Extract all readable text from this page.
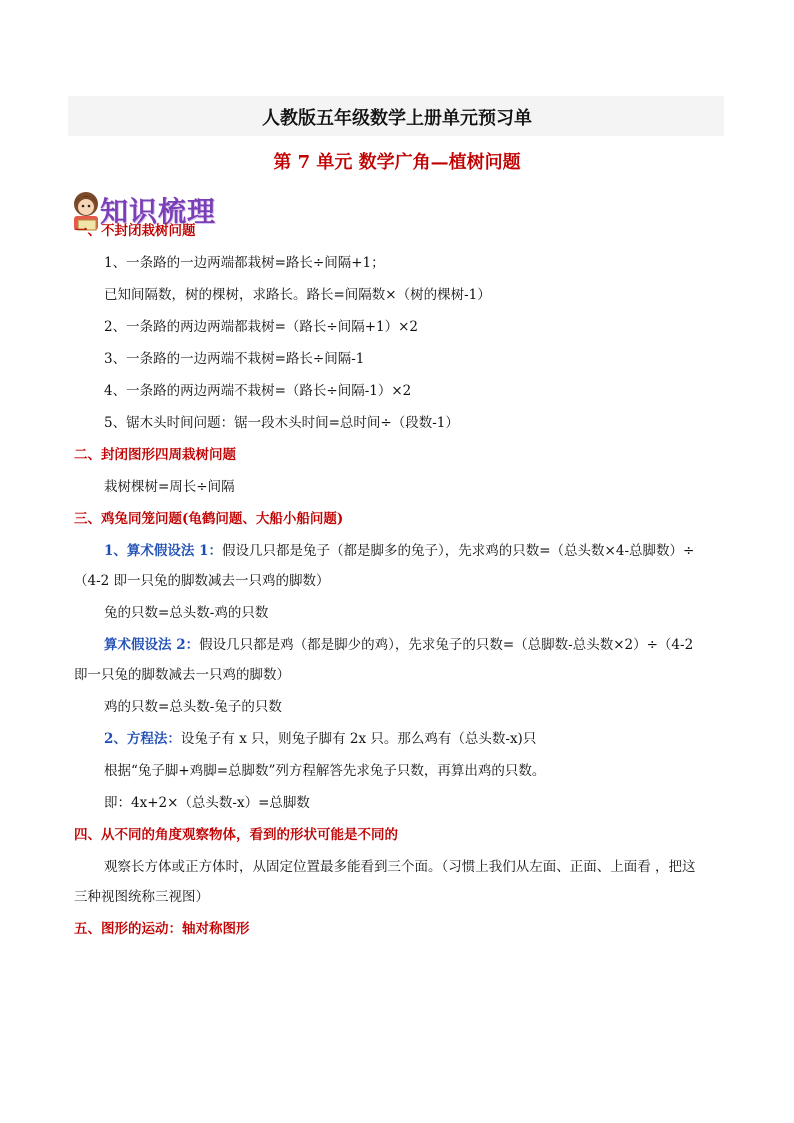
人教版五年级数学上册单元预习单
第 7 单元 数学广角—植树问题
知识梳理
一、不封闭栽树问题
1、一条路的一边两端都栽树=路长÷间隔+1；
已知间隔数，树的棵树，求路长。路长=间隔数×（树的棵树-1）
2、一条路的两边两端都栽树=（路长÷间隔+1）×2
3、一条路的一边两端不栽树=路长÷间隔-1
4、一条路的两边两端不栽树=（路长÷间隔-1）×2
5、锯木头时间问题：锯一段木头时间=总时间÷（段数-1）
二、封闭图形四周栽树问题
栽树棵树=周长÷间隔
三、鸡兔同笼问题(龟鹤问题、大船小船问题)
1、算术假设法 1：假设几只都是兔子（都是脚多的兔子），先求鸡的只数=（总头数×4-总脚数）÷
（4-2 即一只兔的脚数减去一只鸡的脚数）
兔的只数=总头数-鸡的只数
算术假设法 2：假设几只都是鸡（都是脚少的鸡），先求兔子的只数=（总脚数-总头数×2）÷（4-2
即一只兔的脚数减去一只鸡的脚数）
鸡的只数=总头数-兔子的只数
2、方程法：设兔子有 x 只，则兔子脚有 2x 只。那么鸡有（总头数-x)只
根据“兔子脚+鸡脚=总脚数”列方程解答先求兔子只数，再算出鸡的只数。
即：4x+2×（总头数-x）=总脚数
四、从不同的角度观察物体，看到的形状可能是不同的
观察长方体或正方体时，从固定位置最多能看到三个面。（习惯上我们从左面、正面、上面看 ，把这
三种视图统称三视图）
五、图形的运动：轴对称图形
